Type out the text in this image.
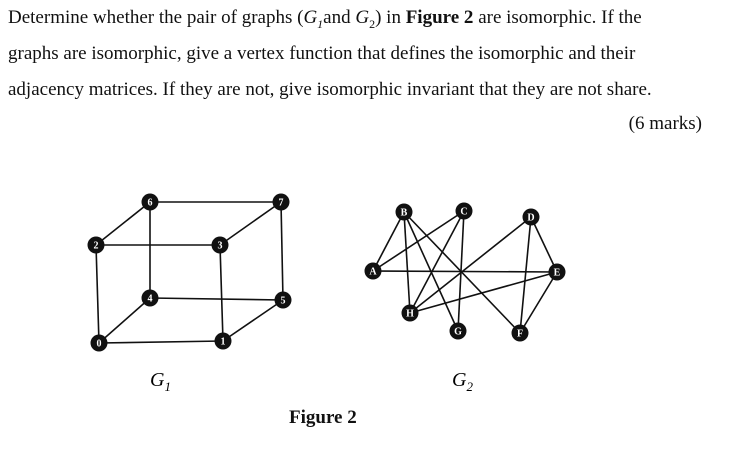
Determine whether the pair of graphs ($G_1and$ $G_2$) in Figure 2 are isomorphic. If the
graphs are isomorphic, give a vertex function that defines the isomorphic and their
adjacency matrices. If they are not, give isomorphic invariant that they are not share.
(6 marks)
0	1
2	3
4	5
6	7
A
B	C
D
E
F
G
H
$G_1$	$G_2$
Figure 2
